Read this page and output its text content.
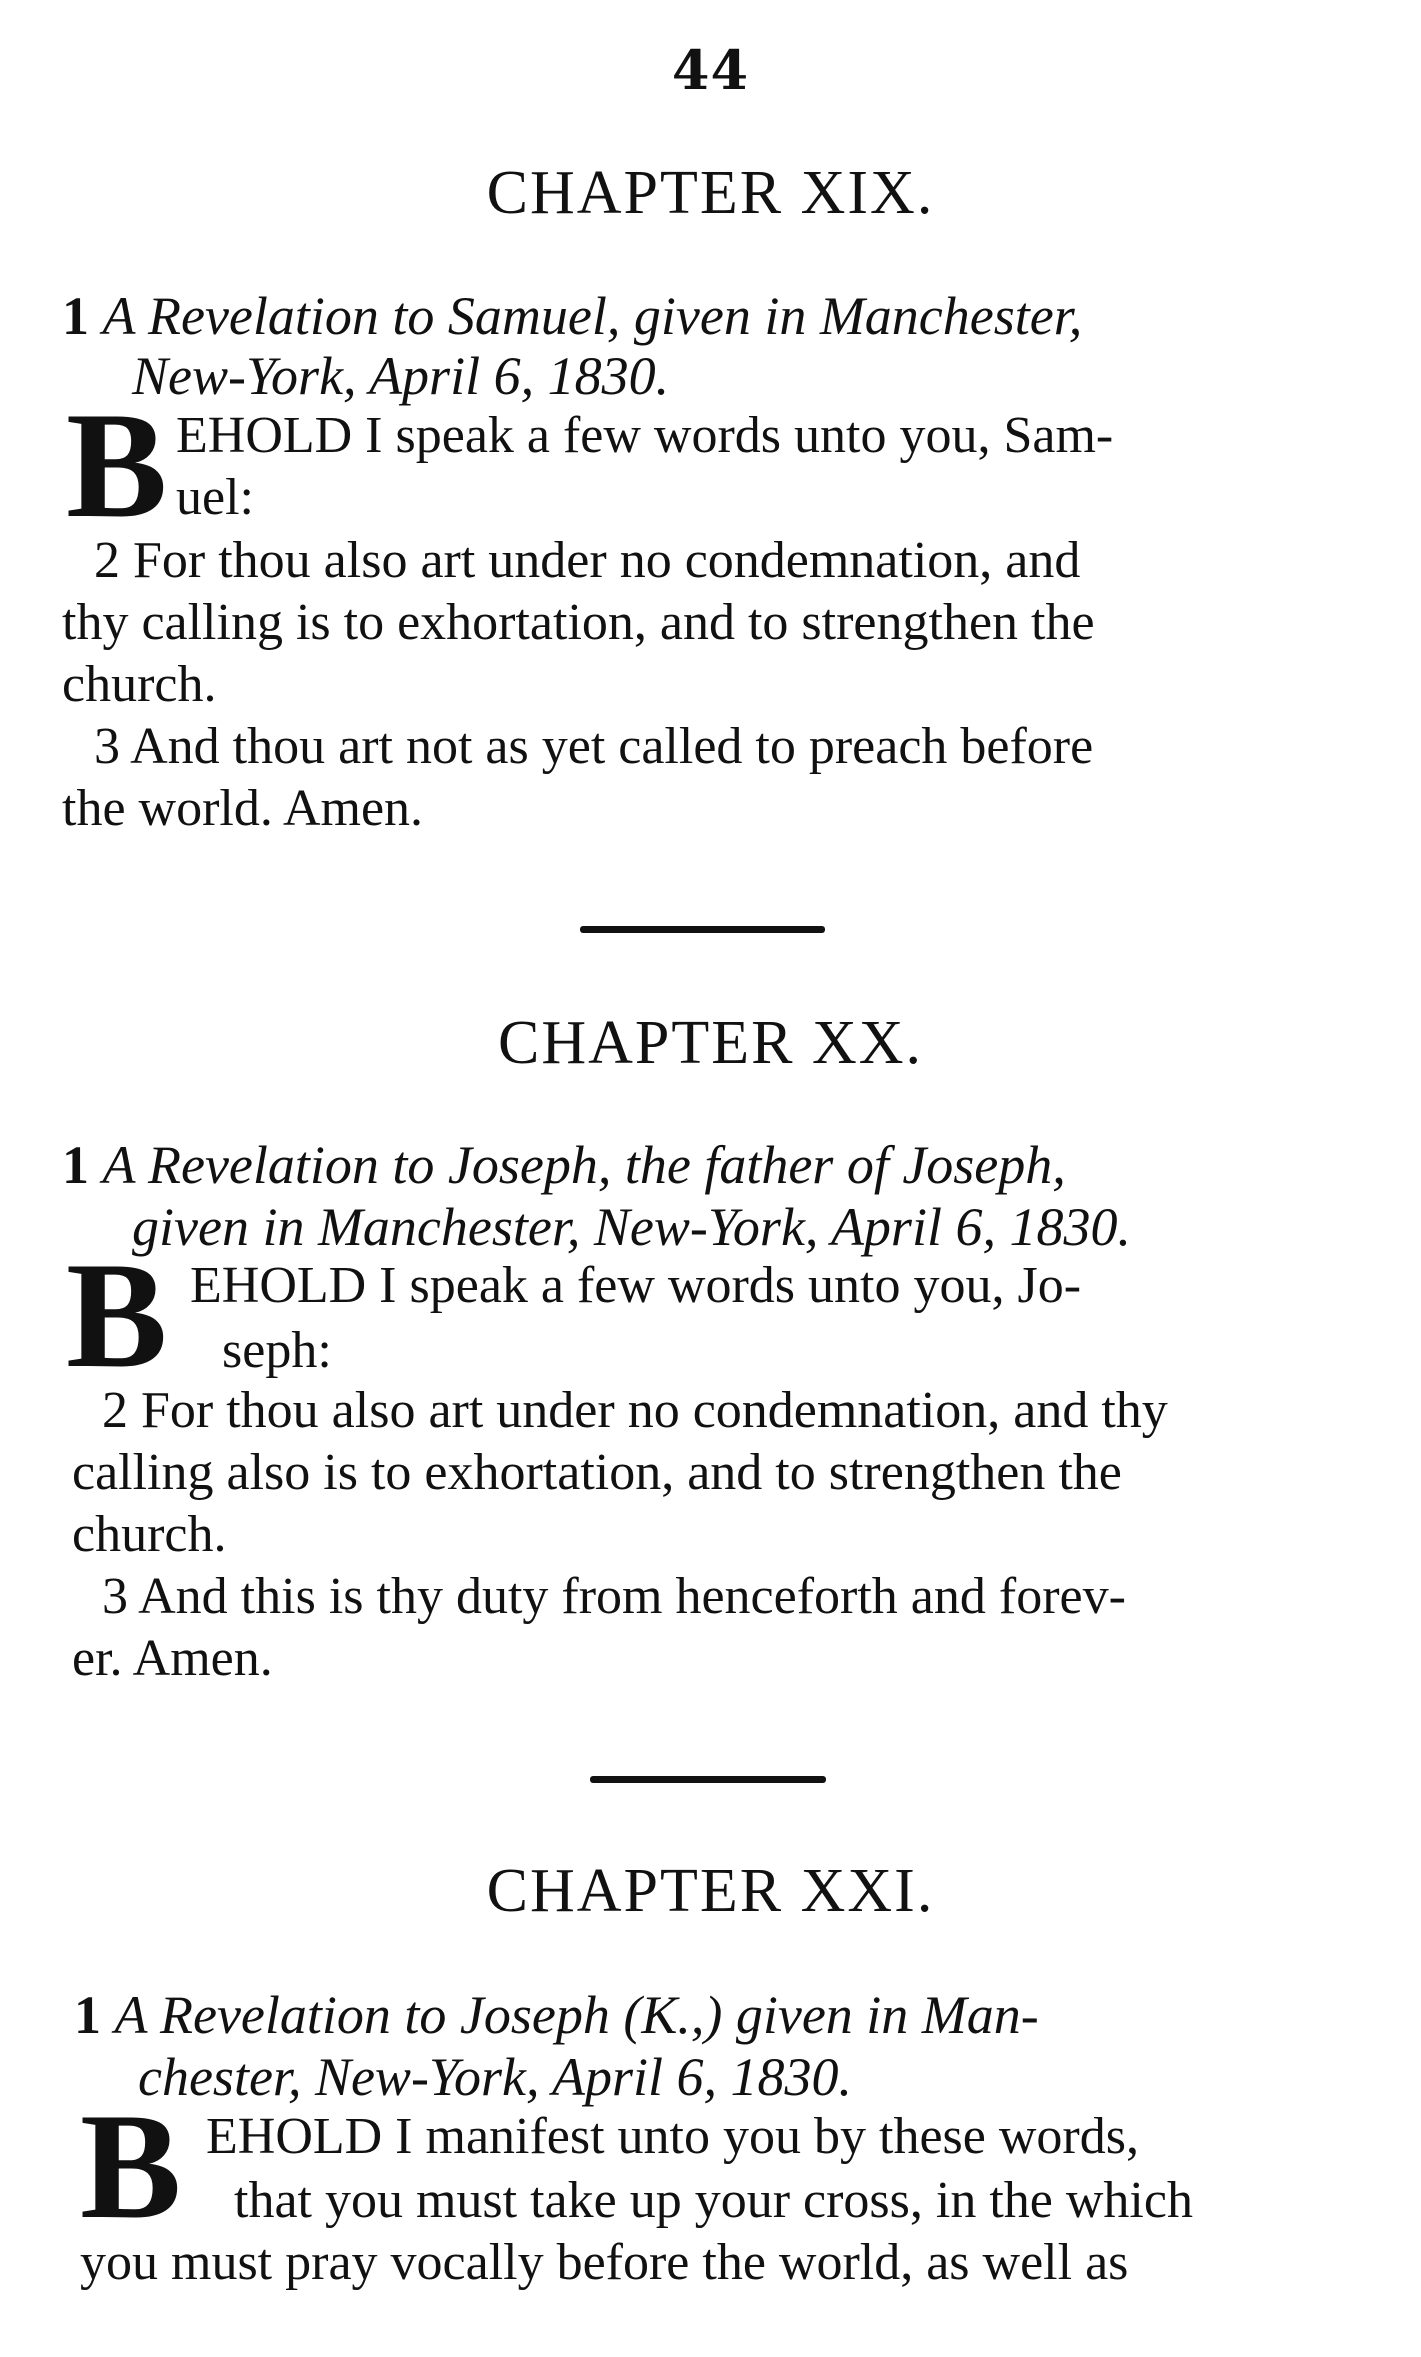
44
CHAPTER XIX.
1 A Revelation to Samuel, given in Manchester,
New-York, April 6, 1830.
B EHOLD I speak a few words unto you, Sam-
uel:
2 For thou also art under no condemnation, and
thy calling is to exhortation, and to strengthen the
church.
3 And thou art not as yet called to preach before
the world. Amen.
CHAPTER XX.
1 A Revelation to Joseph, the father of Joseph,
given in Manchester, New-York, April 6, 1830.
B EHOLD I speak a few words unto you, Jo-
seph:
2 For thou also art under no condemnation, and thy
calling also is to exhortation, and to strengthen the
church.
3 And this is thy duty from henceforth and forev-
er. Amen.
CHAPTER XXI.
1 A Revelation to Joseph (K.,) given in Man-
chester, New-York, April 6, 1830.
B EHOLD I manifest unto you by these words,
that you must take up your cross, in the which
you must pray vocally before the world, as well as
